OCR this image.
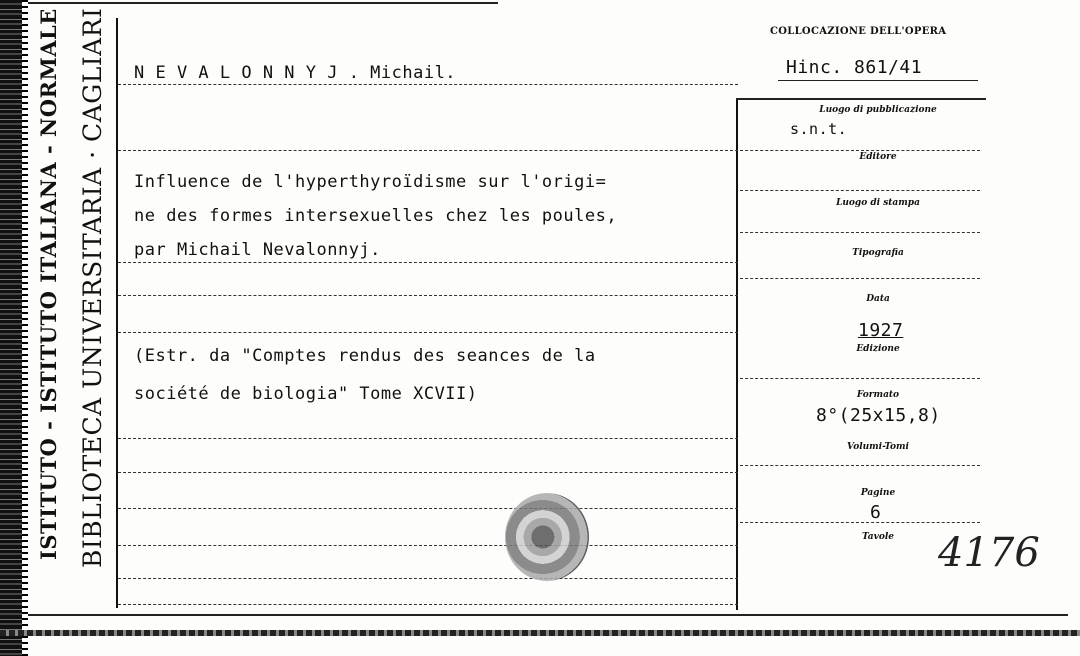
ISTITUTO - ISTITUTO ITALIANA - NORMALE BIBLIOTECA UNIVERSITARIA · CAGLIARI	COLLOCAZIONE DELL'OPERA
Hinc. 861/41
N E V A L O N N Y J . Michail.
Influence de l'hyperthyroïdisme sur l'origi=
ne des formes intersexuelles chez les poules,
par Michail Nevalonnyj.
(Estr. da "Comptes rendus des seances de la
société de biologia" Tome XCVII)
Luogo di pubblicazione
s.n.t.
Editore
Luogo di stampa
Tipografia
Data
1927
Edizione
Formato
8°(25x15,8)
Volumi-Tomi
Pagine
6
Tavole	4176
